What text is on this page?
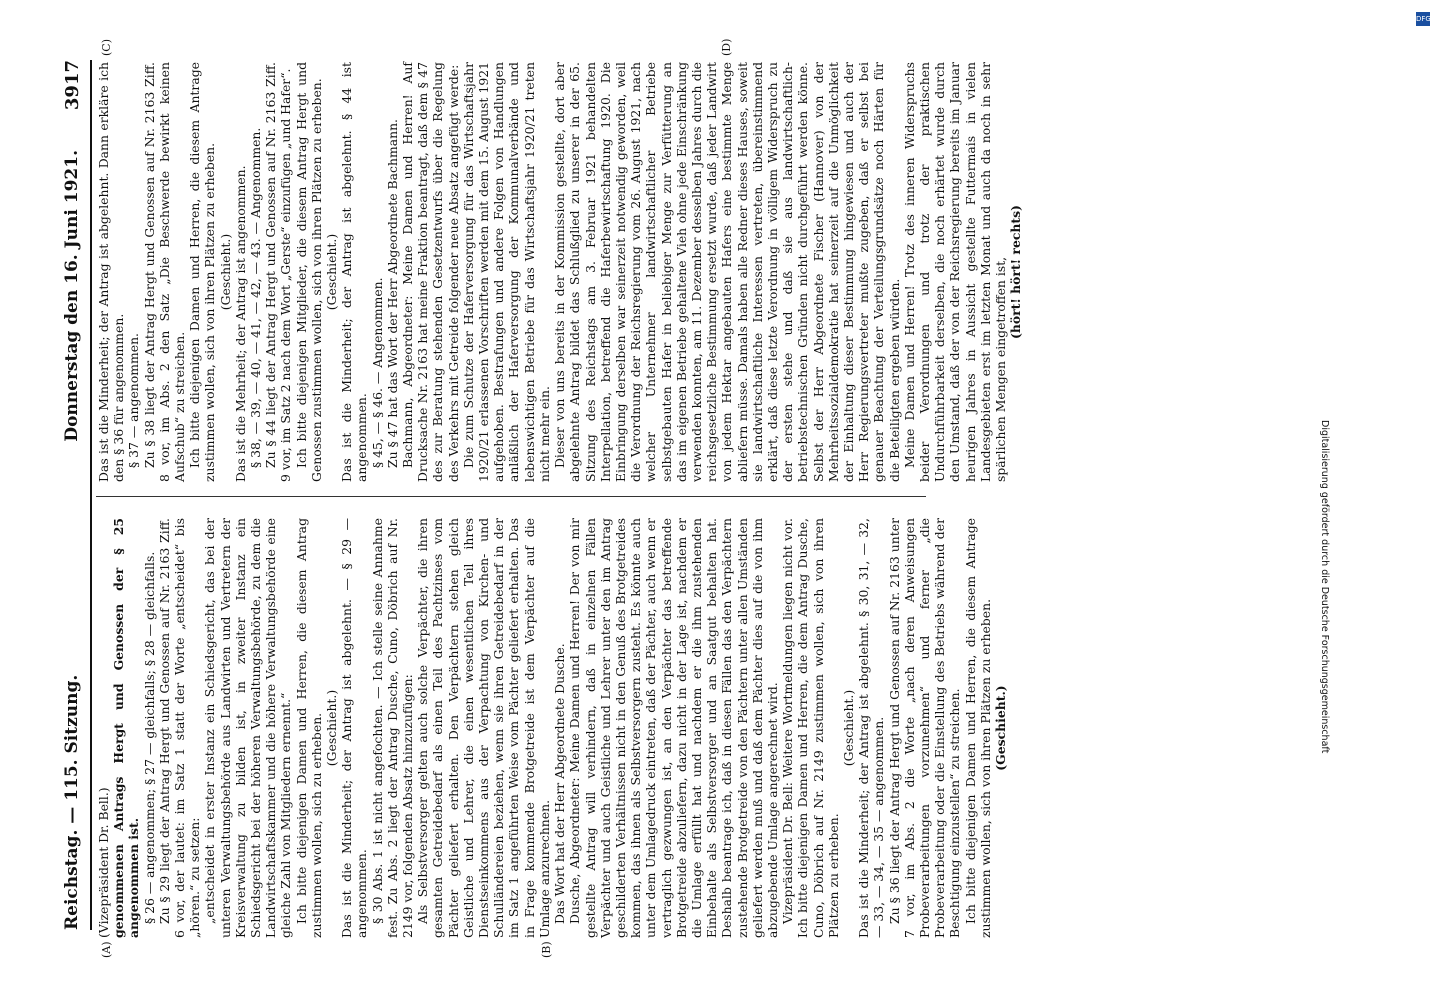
Reichstag. — 115. Sitzung.
Donnerstag den 16. Juni 1921.
3917
(A)	(B)
(C)	(D)

(Vizepräsident Dr. Bell.) genommenen Antrags Hergt und Genossen der § 25 angenommen ist. § 26 — angenommen; § 27 — gleichfalls; § 28 — gleichfalls. Zu § 29 liegt der Antrag Hergt und Genossen auf Nr. 2163 Ziff. 6 vor, der lautet: im Satz 1 statt der Worte „entscheidet“ bis „hören.“ zu setzen: „entscheidet in erster Instanz ein Schiedsgericht, das bei der unteren Verwaltungsbehörde aus Landwirten und Vertretern der Kreisverwaltung zu bilden ist, in zweiter Instanz ein Schiedsgericht bei der höheren Verwaltungsbehörde, zu dem die Landwirtschaftskammer und die höhere Verwaltungsbehörde eine gleiche Zahl von Mitgliedern ernennt.“ Ich bitte diejenigen Damen und Herren, die diesem Antrag zustimmen wollen, sich zu erheben. (Geschieht.) Das ist die Minderheit; der Antrag ist abgelehnt. — § 29 — angenommen. § 30 Abs. 1 ist nicht angefochten. — Ich stelle seine Annahme fest. Zu Abs. 2 liegt der Antrag Dusche, Cuno, Döbrich auf Nr. 2149 vor, folgenden Absatz hinzuzufügen: Als Selbstversorger gelten auch solche Verpächter, die ihren gesamten Getreidebedarf als einen Teil des Pachtzinses vom Pächter geliefert erhalten. Den Verpächtern stehen gleich Geistliche und Lehrer, die einen wesentlichen Teil ihres Dienstseinkommens aus der Verpachtung von Kirchen- und Schulländereien beziehen, wenn sie ihren Getreidebedarf in der im Satz 1 angeführten Weise vom Pächter geliefert erhalten. Das in Frage kommende Brotgetreide ist dem Verpächter auf die Umlage anzurechnen. Das Wort hat der Herr Abgeordnete Dusche. Dusche, Abgeordneter: Meine Damen und Herren! Der von mir gestellte Antrag will verhindern, daß in einzelnen Fällen Verpächter und auch Geistliche und Lehrer unter den im Antrag geschilderten Verhältnissen nicht in den Genuß des Brotgetreides kommen, das ihnen als Selbstversorgern zusteht. Es könnte auch unter dem Umlagedruck eintreten, daß der Pächter, auch wenn er vertraglich gezwungen ist, an den Verpächter das betreffende Brotgetreide abzuliefern, dazu nicht in der Lage ist, nachdem er die Umlage erfüllt hat und nachdem er die ihm zustehenden Einbehalte als Selbstversorger und an Saatgut behalten hat. Deshalb beantrage ich, daß in diesen Fällen das den Verpächtern zustehende Brotgetreide von den Pächtern unter allen Umständen geliefert werden muß und daß dem Pächter dies auf die von ihm abzugebende Umlage angerechnet wird. Vizepräsident Dr. Bell: Weitere Wortmeldungen liegen nicht vor. Ich bitte diejenigen Damen und Herren, die dem Antrag Dusche, Cuno, Döbrich auf Nr. 2149 zustimmen wollen, sich von ihren Plätzen zu erheben.

(Geschieht.) Das ist die Minderheit; der Antrag ist abgelehnt. § 30, 31, — 32, — 33, — 34, — 35 — angenommen. Zu § 36 liegt der Antrag Hergt und Genossen auf Nr. 2163 unter 7 vor, im Abs. 2 die Worte „nach deren Anweisungen Probeverarbeitungen vorzunehmen“ und ferner „die Probeverarbeitung oder die Einstellung des Betriebs während der Beschtigung einzustellen“ zu streichen. Ich bitte diejenigen Damen und Herren, die diesem Antrage zustimmen wollen, sich von ihren Plätzen zu erheben. (Geschieht.)

Das ist die Minderheit; der Antrag ist abgelehnt. Dann erkläre ich den § 36 für angenommen. § 37 — angenommen. Zu § 38 liegt der Antrag Hergt und Genossen auf Nr. 2163 Ziff. 8 vor, im Abs. 2 den Satz „Die Beschwerde bewirkt keinen Aufschub“ zu streichen. Ich bitte diejenigen Damen und Herren, die diesem Antrage zustimmen wollen, sich von ihren Plätzen zu erheben. (Geschieht.) Das ist die Mehrheit; der Antrag ist angenommen. § 38, — 39, — 40, — 41, — 42, — 43. — Angenommen. Zu § 44 liegt der Antrag Hergt und Genossen auf Nr. 2163 Ziff. 9 vor, im Satz 2 nach dem Wort „Gerste“ einzufügen „und Hafer“. Ich bitte diejenigen Mitglieder, die diesem Antrag Hergt und Genossen zustimmen wollen, sich von ihren Plätzen zu erheben. (Geschieht.) Das ist die Minderheit; der Antrag ist abgelehnt. § 44 ist angenommen. § 45, — § 46. — Angenommen. Zu § 47 hat das Wort der Herr Abgeordnete Bachmann. Bachmann, Abgeordneter: Meine Damen und Herren! Auf Drucksache Nr. 2163 hat meine Fraktion beantragt, daß dem § 47 des zur Beratung stehenden Gesetzentwurfs über die Regelung des Verkehrs mit Getreide folgender neue Absatz angefügt werde: Die zum Schutze der Haferversorgung für das Wirtschaftsjahr 1920/21 erlassenen Vorschriften werden mit dem 15. August 1921 aufgehoben. Bestrafungen und andere Folgen von Handlungen anläßlich der Haferversorgung der Kommunalverbände und lebenswichtigen Betriebe für das Wirtschaftsjahr 1920/21 treten nicht mehr ein. Dieser von uns bereits in der Kommission gestellte, dort aber abgelehnte Antrag bildet das Schlußglied zu unserer in der 65. Sitzung des Reichstags am 3. Februar 1921 behandelten Interpellation, betreffend die Haferbewirtschaftung 1920. Die Einbringung derselben war seinerzeit notwendig geworden, weil die Verordnung der Reichsregierung vom 26. August 1921, nach welcher Unternehmer landwirtschaftlicher Betriebe selbstgebauten Hafer in beliebiger Menge zur Verfütterung an das im eigenen Betriebe gehaltene Vieh ohne jede Einschränkung verwenden konnten, am 11. Dezember desselben Jahres durch die reichsgesetzliche Bestimmung ersetzt wurde, daß jeder Landwirt von jedem Hektar angebauten Hafers eine bestimmte Menge abliefern müsse. Damals haben alle Redner dieses Hauses, soweit sie landwirtschaftliche Interessen vertreten, übereinstimmend erklärt, daß diese letzte Verordnung in völligem Widerspruch zu der ersten stehe und daß sie aus landwirtschaftlich-betriebstechnischen Gründen nicht durchgeführt werden könne. Selbst der Herr Abgeordnete Fischer (Hannover) von der Mehrheitssozialdemokratie hat seinerzeit auf die Unmöglichkeit der Einhaltung dieser Bestimmung hingewiesen und auch der Herr Regierungsvertreter mußte zugeben, daß er selbst bei genauer Beachtung der Verteilungsgrundsätze noch Härten für die Beteiligten ergeben würden. Meine Damen und Herren! Trotz des inneren Widerspruchs beider Verordnungen und trotz der praktischen Undurchführbarkeit derselben, die noch erhärtet wurde durch den Umstand, daß der von der Reichsregierung bereits im Januar heurigen Jahres in Aussicht gestellte Futtermais in vielen Landesgebieten erst im letzten Monat und auch da noch in sehr spärlichen Mengen eingetroffen ist, (hört! hört! rechts)

Digitalisierung gefördert durch die Deutsche Forschungsgemeinschaft
DFG
